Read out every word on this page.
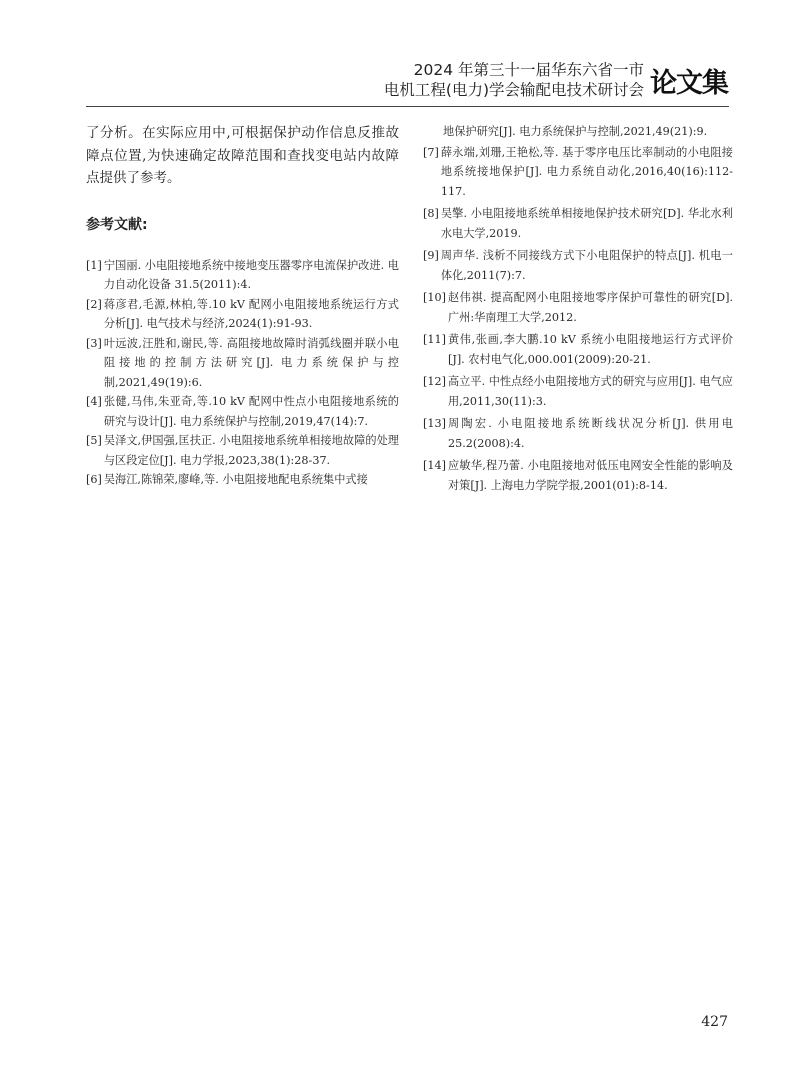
2024 年第三十一届华东六省一市
电机工程(电力)学会输配电技术研讨会 论文集

了分析。在实际应用中,可根据保护动作信息反推故障点位置,为快速确定故障范围和查找变电站内故障点提供了参考。

参考文献:
[1] 宁国丽. 小电阻接地系统中接地变压器零序电流保护改进. 电力自动化设备 31.5(2011):4.
[2] 蒋彦君,毛源,林柏,等.10 kV 配网小电阻接地系统运行方式分析[J]. 电气技术与经济,2024(1):91-93.
[3] 叶远波,汪胜和,谢民,等. 高阻接地故障时消弧线圈并联小电阻接地的控制方法研究[J]. 电力系统保护与控制,2021,49(19):6.
[4] 张健,马伟,朱亚奇,等.10 kV 配网中性点小电阻接地系统的研究与设计[J]. 电力系统保护与控制,2019,47(14):7.
[5] 吴泽文,伊国强,匡扶正. 小电阻接地系统单相接地故障的处理与区段定位[J]. 电力学报,2023,38(1):28-37.
[6] 吴海江,陈锦荣,廖峰,等. 小电阻接地配电系统集中式接
地保护研究[J]. 电力系统保护与控制,2021,49(21):9.
[7] 薛永端,刘珊,王艳松,等. 基于零序电压比率制动的小电阻接地系统接地保护[J]. 电力系统自动化,2016,40(16):112-117.
[8] 吴擎. 小电阻接地系统单相接地保护技术研究[D]. 华北水利水电大学,2019.
[9] 周声华. 浅析不同接线方式下小电阻保护的特点[J]. 机电一体化,2011(7):7.
[10] 赵伟祺. 提高配网小电阻接地零序保护可靠性的研究[D]. 广州:华南理工大学,2012.
[11] 黄伟,张画,李大鹏.10 kV 系统小电阻接地运行方式评价[J]. 农村电气化,000.001(2009):20-21.
[12] 高立平. 中性点经小电阻接地方式的研究与应用[J]. 电气应用,2011,30(11):3.
[13] 周陶宏. 小电阻接地系统断线状况分析[J]. 供用电 25.2(2008):4.
[14] 应敏华,程乃蕾. 小电阻接地对低压电网安全性能的影响及对策[J]. 上海电力学院学报,2001(01):8-14.
427
